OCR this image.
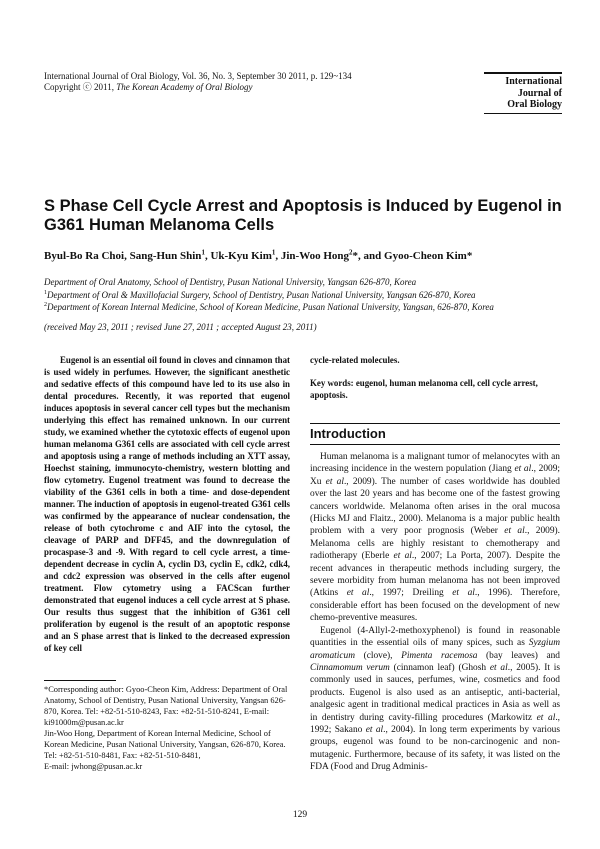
International Journal of Oral Biology, Vol. 36, No. 3, September 30 2011, p. 129~134
Copyright ⓒ 2011, The Korean Academy of Oral Biology	International
Journal of
Oral Biology
S Phase Cell Cycle Arrest and Apoptosis is Induced by Eugenol in G361 Human Melanoma Cells
Byul-Bo Ra Choi, Sang-Hun Shin$^1$, Uk-Kyu Kim$^1$, Jin-Woo Hong$^2$*, and Gyoo-Cheon Kim*
Department of Oral Anatomy, School of Dentistry, Pusan National University, Yangsan 626-870, Korea
$^1$Department of Oral & Maxillofacial Surgery, School of Dentistry, Pusan National University, Yangsan 626-870, Korea
$^2$Department of Korean Internal Medicine, School of Korean Medicine, Pusan National University, Yangsan, 626-870, Korea
(received May 23, 2011 ; revised June 27, 2011 ; accepted August 23, 2011)

Eugenol is an essential oil found in cloves and cinnamon that is used widely in perfumes. However, the significant anesthetic and sedative effects of this compound have led to its use also in dental procedures. Recently, it was reported that eugenol induces apoptosis in several cancer cell types but the mechanism underlying this effect has remained unknown. In our current study, we examined whether the cytotoxic effects of eugenol upon human melanoma G361 cells are associated with cell cycle arrest and apoptosis using a range of methods including an XTT assay, Hoechst staining, immunocyto-chemistry, western blotting and flow cytometry. Eugenol treatment was found to decrease the viability of the G361 cells in both a time- and dose-dependent manner. The induction of apoptosis in eugenol-treated G361 cells was confirmed by the appearance of nuclear condensation, the release of both cytochrome c and AIF into the cytosol, the cleavage of PARP and DFF45, and the downregulation of procaspase-3 and -9. With regard to cell cycle arrest, a time-dependent decrease in cyclin A, cyclin D3, cyclin E, cdk2, cdk4, and cdc2 expression was observed in the cells after eugenol treatment. Flow cytometry using a FACScan further demonstrated that eugenol induces a cell cycle arrest at S phase. Our results thus suggest that the inhibition of G361 cell proliferation by eugenol is the result of an apoptotic response and an S phase arrest that is linked to the decreased expression of key cell

cycle-related molecules.

Key words: eugenol, human melanoma cell, cell cycle arrest, apoptosis.

Introduction

Human melanoma is a malignant tumor of melanocytes with an increasing incidence in the western population (Jiang et al., 2009; Xu et al., 2009). The number of cases worldwide has doubled over the last 20 years and has become one of the fastest growing cancers worldwide. Melanoma often arises in the oral mucosa (Hicks MJ and Flaitz., 2000). Melanoma is a major public health problem with a very poor prognosis (Weber et al., 2009). Melanoma cells are highly resistant to chemotherapy and radiotherapy (Eberle et al., 2007; La Porta, 2007). Despite the recent advances in therapeutic methods including surgery, the severe morbidity from human melanoma has not been improved (Atkins et al., 1997; Dreiling et al., 1996). Therefore, considerable effort has been focused on the development of new chemo-preventive measures.

Eugenol (4-Allyl-2-methoxyphenol) is found in reasonable quantities in the essential oils of many spices, such as Syzgium aromaticum (clove), Pimenta racemosa (bay leaves) and Cinnamomum verum (cinnamon leaf) (Ghosh et al., 2005). It is commonly used in sauces, perfumes, wine, cosmetics and food products. Eugenol is also used as an antiseptic, anti-bacterial, analgesic agent in traditional medical practices in Asia as well as in dentistry during cavity-filling procedures (Markowitz et al., 1992; Sakano et al., 2004). In long term experiments by various groups, eugenol was found to be non-carcinogenic and non-mutagenic. Furthermore, because of its safety, it was listed on the FDA (Food and Drug Adminis-

*Corresponding author: Gyoo-Cheon Kim, Address: Department of Oral Anatomy, School of Dentistry, Pusan National University, Yangsan 626-870, Korea. Tel: +82-51-510-8243, Fax: +82-51-510-8241, E-mail: ki91000m@pusan.ac.kr

Jin-Woo Hong, Department of Korean Internal Medicine, School of Korean Medicine, Pusan National University, Yangsan, 626-870, Korea. Tel: +82-51-510-8481, Fax: +82-51-510-8481,

E-mail: jwhong@pusan.ac.kr

129
